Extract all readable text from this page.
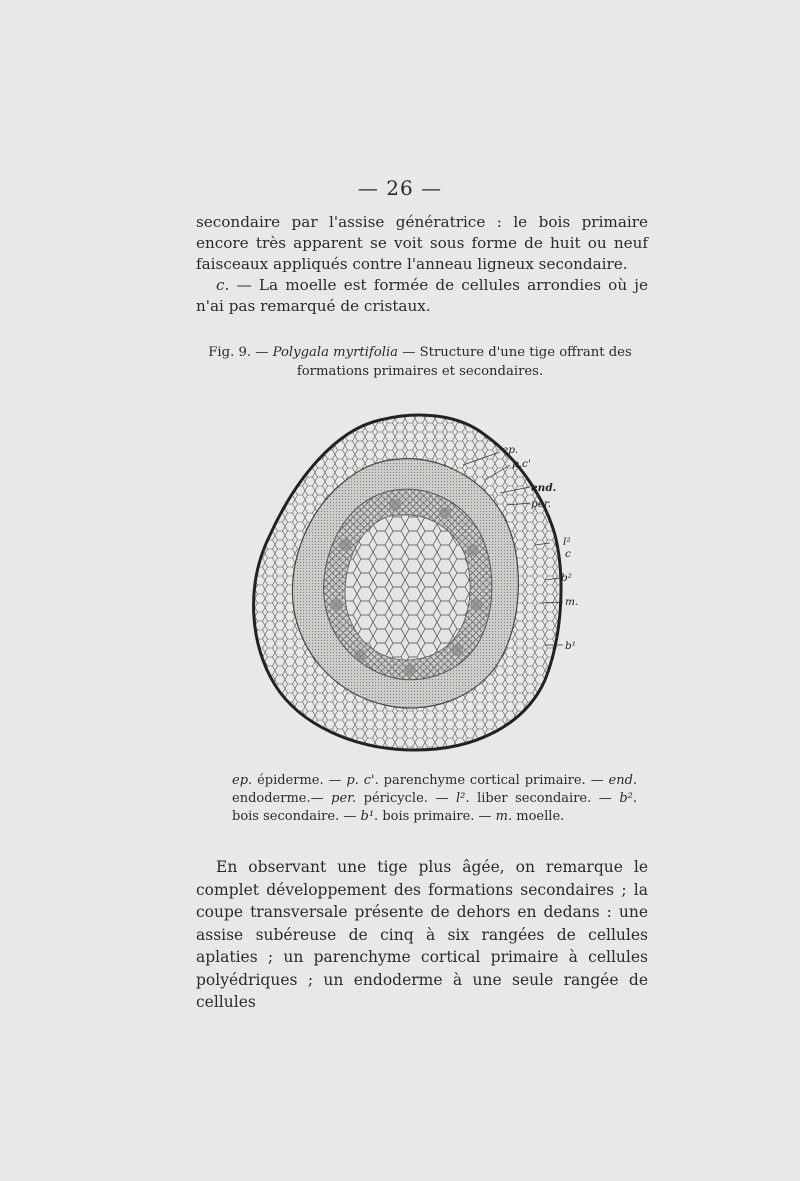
— 26 —

secondaire par l'assise génératrice : le bois primaire encore très apparent se voit sous forme de huit ou neuf faisceaux appliqués contre l'anneau ligneux secondaire.

c. — La moelle est formée de cellules arrondies où je n'ai pas remarqué de cristaux.

Fig. 9. — Polygala myrtifolia — Structure d'une tige offrant des formations primaires et secondaires.
ep.
p.c'
end.
per.
l²
c
b²
m.
b¹
ep. épiderme. — p. c'. parenchyme cortical primaire. — end. endoderme.— per. péricycle. — l². liber secondaire. — b². bois secondaire. — b¹. bois primaire. — m. moelle.

En observant une tige plus âgée, on remarque le complet développement des formations secondaires ; la coupe transversale présente de dehors en dedans : une assise subéreuse de cinq à six rangées de cellules aplaties ; un parenchyme cortical primaire à cellules polyédriques ; un endoderme à une seule rangée de cellules
